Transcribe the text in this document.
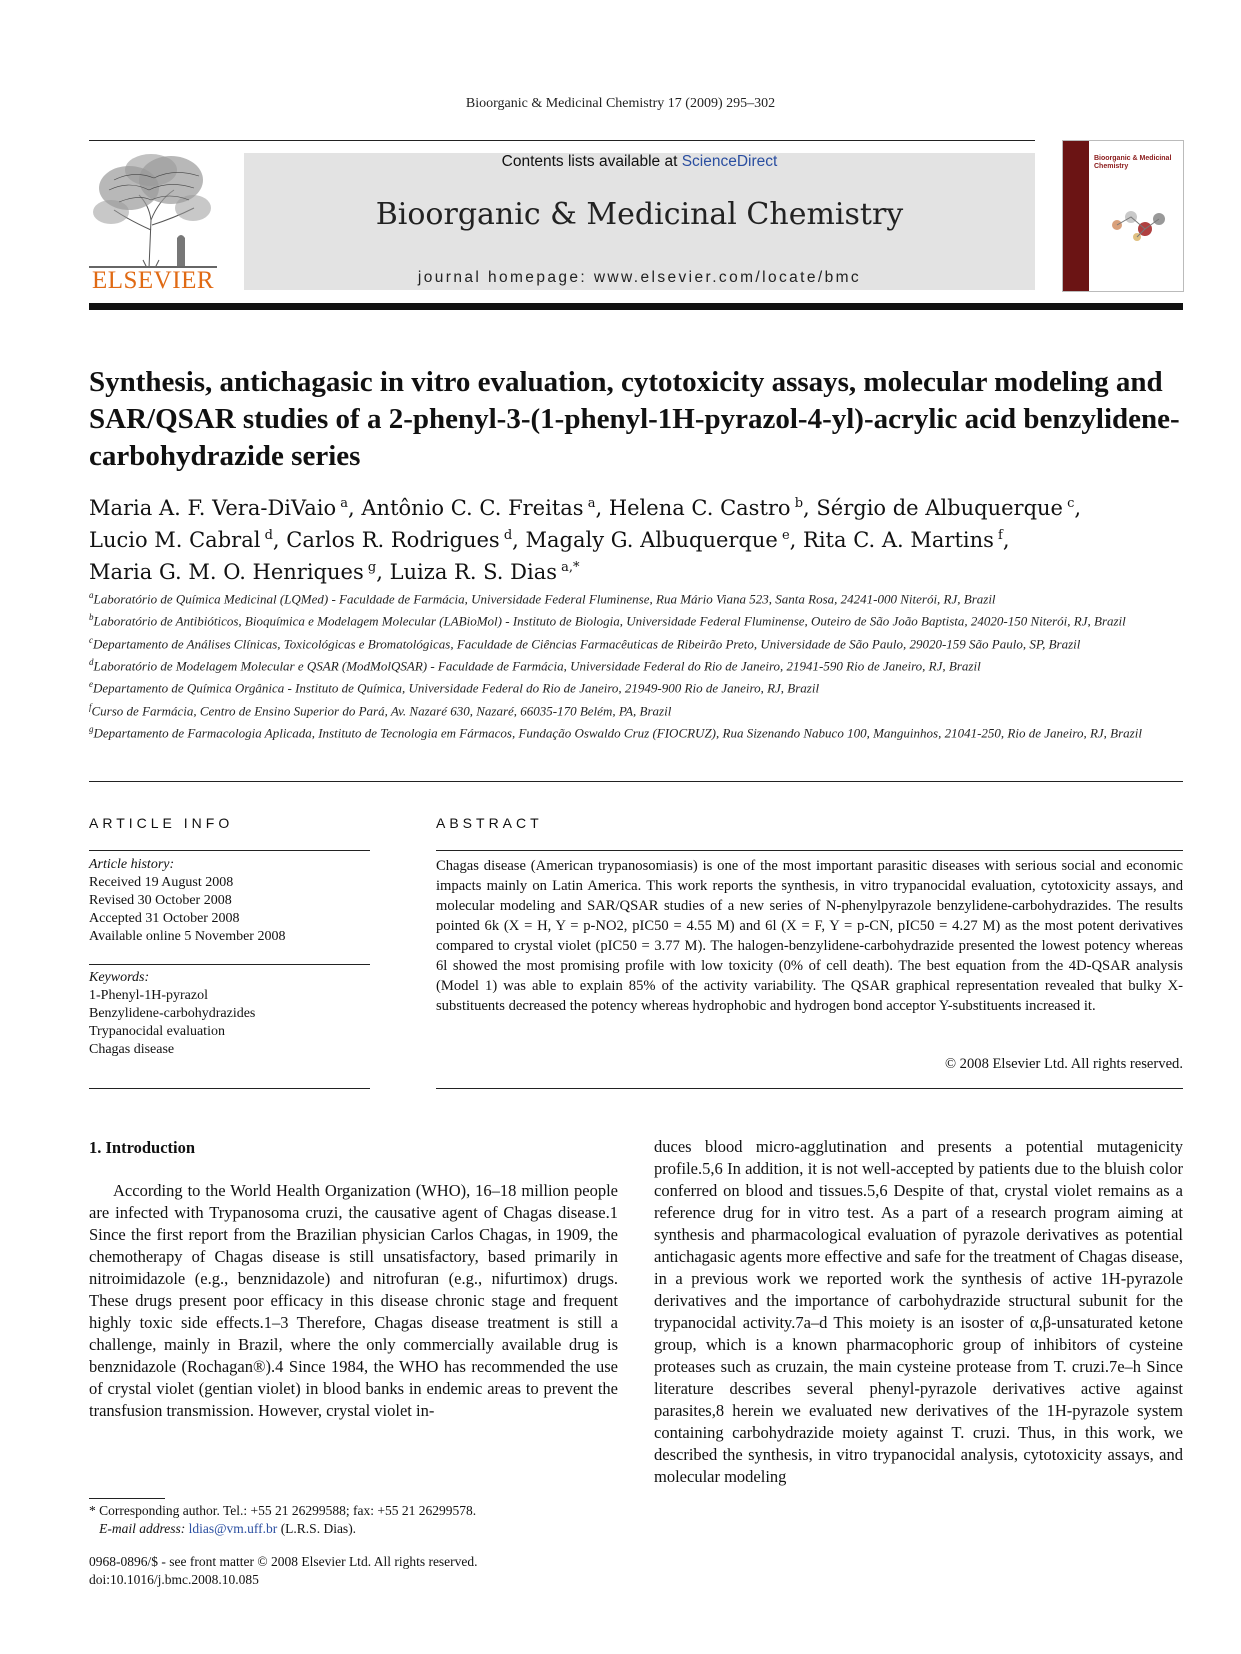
Bioorganic & Medicinal Chemistry 17 (2009) 295–302
ELSEVIER
Contents lists available at ScienceDirect
Bioorganic & Medicinal Chemistry
journal homepage: www.elsevier.com/locate/bmc
Bioorganic & Medicinal Chemistry
Synthesis, antichagasic in vitro evaluation, cytotoxicity assays, molecular modeling and SAR/QSAR studies of a 2-phenyl-3-(1-phenyl-1H-pyrazol-4-yl)-acrylic acid benzylidene-carbohydrazide series
Maria A. F. Vera-DiVaio $^a$, Antônio C. C. Freitas $^a$, Helena C. Castro $^b$, Sérgio de Albuquerque $^c$,
Lucio M. Cabral $^d$, Carlos R. Rodrigues $^d$, Magaly G. Albuquerque $^e$, Rita C. A. Martins $^f$,
Maria G. M. O. Henriques $^g$, Luiza R. S. Dias $^{a,*}$
$^a$Laboratório de Química Medicinal (LQMed) - Faculdade de Farmácia, Universidade Federal Fluminense, Rua Mário Viana 523, Santa Rosa, 24241-000 Niterói, RJ, Brazil
$^b$Laboratório de Antibióticos, Bioquímica e Modelagem Molecular (LABioMol) - Instituto de Biologia, Universidade Federal Fluminense, Outeiro de São João Baptista, 24020-150 Niterói, RJ, Brazil
$^c$Departamento de Análises Clínicas, Toxicológicas e Bromatológicas, Faculdade de Ciências Farmacêuticas de Ribeirão Preto, Universidade de São Paulo, 29020-159 São Paulo, SP, Brazil
$^d$Laboratório de Modelagem Molecular e QSAR (ModMolQSAR) - Faculdade de Farmácia, Universidade Federal do Rio de Janeiro, 21941-590 Rio de Janeiro, RJ, Brazil
$^e$Departamento de Química Orgânica - Instituto de Química, Universidade Federal do Rio de Janeiro, 21949-900 Rio de Janeiro, RJ, Brazil
$^f$Curso de Farmácia, Centro de Ensino Superior do Pará, Av. Nazaré 630, Nazaré, 66035-170 Belém, PA, Brazil
$^g$Departamento de Farmacologia Aplicada, Instituto de Tecnologia em Fármacos, Fundação Oswaldo Cruz (FIOCRUZ), Rua Sizenando Nabuco 100, Manguinhos, 21041-250, Rio de Janeiro, RJ, Brazil
ARTICLE INFO
Article history:
Received 19 August 2008
Revised 30 October 2008
Accepted 31 October 2008
Available online 5 November 2008
Keywords:
1-Phenyl-1H-pyrazol
Benzylidene-carbohydrazides
Trypanocidal evaluation
Chagas disease
ABSTRACT
Chagas disease (American trypanosomiasis) is one of the most important parasitic diseases with serious social and economic impacts mainly on Latin America. This work reports the synthesis, in vitro trypanocidal evaluation, cytotoxicity assays, and molecular modeling and SAR/QSAR studies of a new series of N-phenylpyrazole benzylidene-carbohydrazides. The results pointed 6k (X = H, Y = p-NO2, pIC50 = 4.55 M) and 6l (X = F, Y = p-CN, pIC50 = 4.27 M) as the most potent derivatives compared to crystal violet (pIC50 = 3.77 M). The halogen-benzylidene-carbohydrazide presented the lowest potency whereas 6l showed the most promising profile with low toxicity (0% of cell death). The best equation from the 4D-QSAR analysis (Model 1) was able to explain 85% of the activity variability. The QSAR graphical representation revealed that bulky X-substituents decreased the potency whereas hydrophobic and hydrogen bond acceptor Y-substituents increased it.
© 2008 Elsevier Ltd. All rights reserved.
1. Introduction

According to the World Health Organization (WHO), 16–18 million people are infected with Trypanosoma cruzi, the causative agent of Chagas disease.1 Since the first report from the Brazilian physician Carlos Chagas, in 1909, the chemotherapy of Chagas disease is still unsatisfactory, based primarily in nitroimidazole (e.g., benznidazole) and nitrofuran (e.g., nifurtimox) drugs. These drugs present poor efficacy in this disease chronic stage and frequent highly toxic side effects.1–3 Therefore, Chagas disease treatment is still a challenge, mainly in Brazil, where the only commercially available drug is benznidazole (Rochagan®).4 Since 1984, the WHO has recommended the use of crystal violet (gentian violet) in blood banks in endemic areas to prevent the transfusion transmission. However, crystal violet in-

duces blood micro-agglutination and presents a potential mutagenicity profile.5,6 In addition, it is not well-accepted by patients due to the bluish color conferred on blood and tissues.5,6 Despite of that, crystal violet remains as a reference drug for in vitro test. As a part of a research program aiming at synthesis and pharmacological evaluation of pyrazole derivatives as potential antichagasic agents more effective and safe for the treatment of Chagas disease, in a previous work we reported work the synthesis of active 1H-pyrazole derivatives and the importance of carbohydrazide structural subunit for the trypanocidal activity.7a–d This moiety is an isoster of α,β-unsaturated ketone group, which is a known pharmacophoric group of inhibitors of cysteine proteases such as cruzain, the main cysteine protease from T. cruzi.7e–h Since literature describes several phenyl-pyrazole derivatives active against parasites,8 herein we evaluated new derivatives of the 1H-pyrazole system containing carbohydrazide moiety against T. cruzi. Thus, in this work, we described the synthesis, in vitro trypanocidal analysis, cytotoxicity assays, and molecular modeling

* Corresponding author. Tel.: +55 21 26299588; fax: +55 21 26299578.
E-mail address: ldias@vm.uff.br (L.R.S. Dias).
0968-0896/$ - see front matter © 2008 Elsevier Ltd. All rights reserved.
doi:10.1016/j.bmc.2008.10.085
